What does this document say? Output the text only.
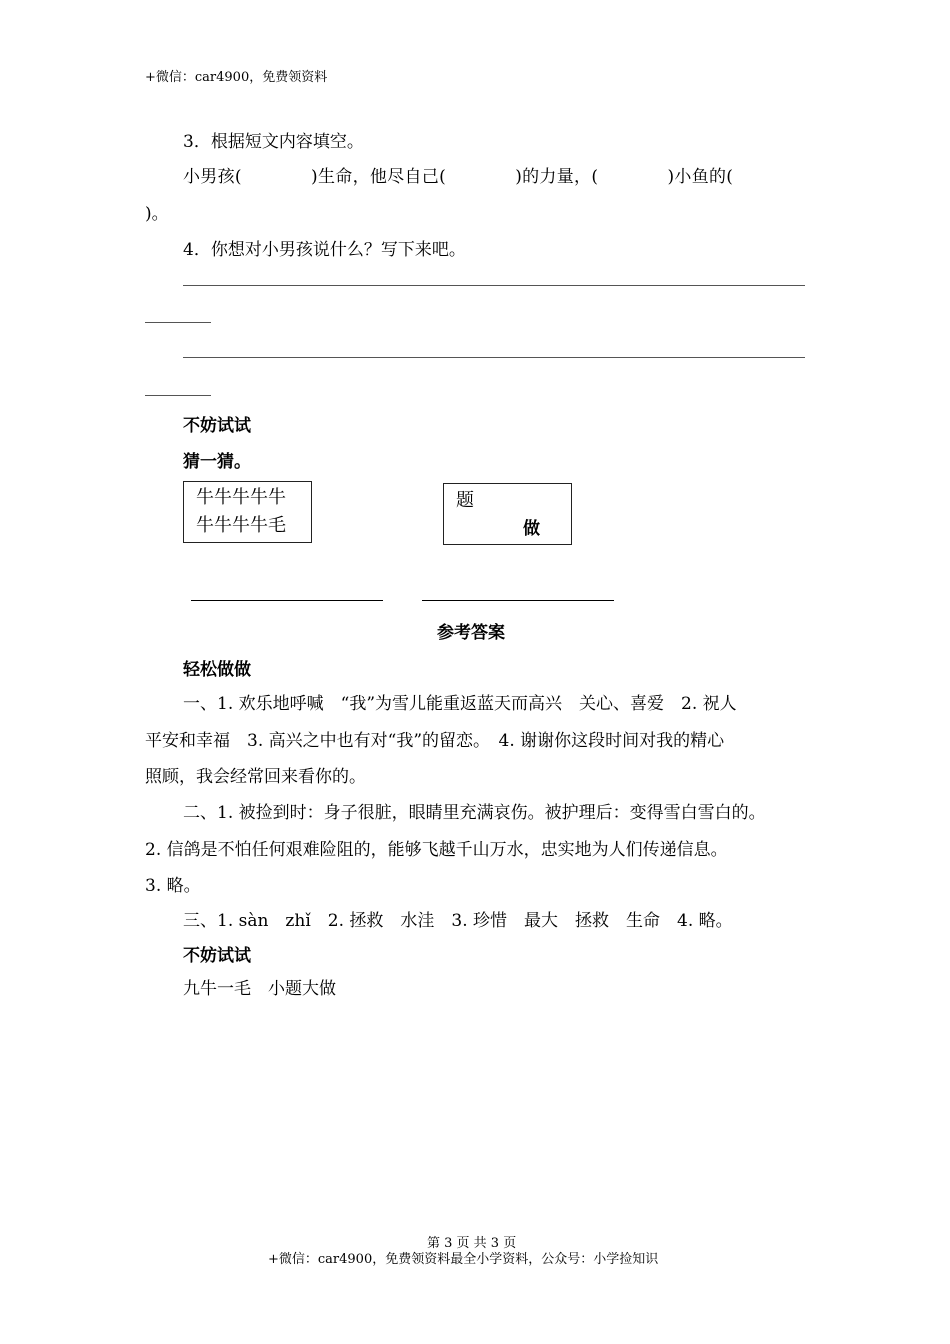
+微信：car4900，免费领资料
3．根据短文内容填空。
小男孩(　　　　)生命，他尽自己(　　　　)的力量，(　　　　)小鱼的(
)。
4．你想对小男孩说什么？写下来吧。
不妨试试
猜一猜。
牛牛牛牛牛
牛牛牛牛毛
题
做
参考答案
轻松做做
一、1. 欢乐地呼喊　“我”为雪儿能重返蓝天而高兴　关心、喜爱　2. 祝人
平安和幸福　3. 高兴之中也有对“我”的留恋。　4. 谢谢你这段时间对我的精心
照顾，我会经常回来看你的。
二、1. 被捡到时：身子很脏，眼睛里充满哀伤。被护理后：变得雪白雪白的。
2. 信鸽是不怕任何艰难险阻的，能够飞越千山万水，忠实地为人们传递信息。
3. 略。
三、1. sàn　zhǐ　2. 拯救　水洼　3. 珍惜　最大　拯救　生命　4. 略。
不妨试试
九牛一毛　小题大做
第 3 页 共 3 页
+微信：car4900，免费领资料最全小学资料，公众号：小学捡知识
